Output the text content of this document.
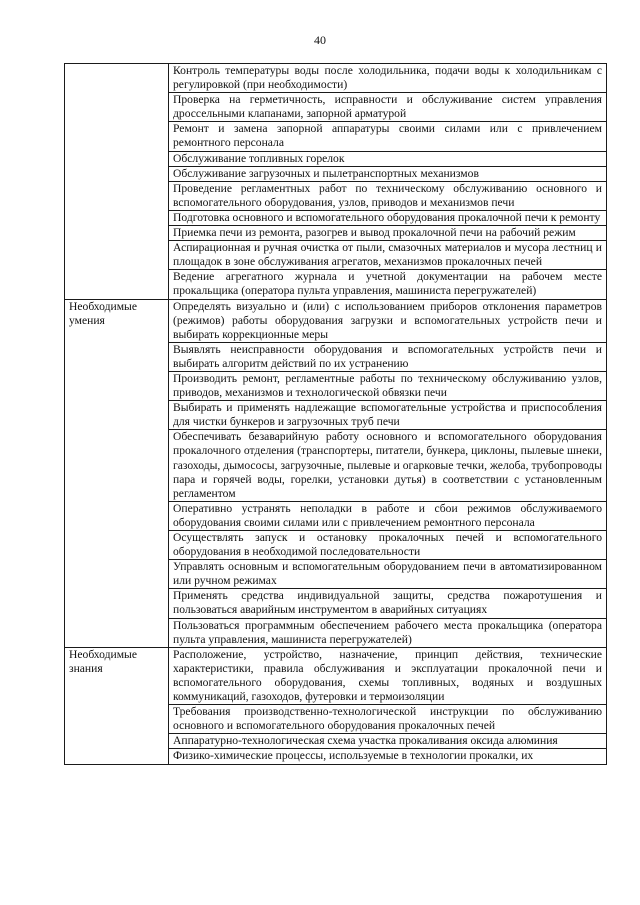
40
	Контроль температуры воды после холодильника, подачи воды к холодильникам с регулировкой (при необходимости)
	Проверка на герметичность, исправности и обслуживание систем управления дроссельными клапанами, запорной арматурой
	Ремонт и замена запорной аппаратуры своими силами или с привлечением ремонтного персонала
	Обслуживание топливных горелок
	Обслуживание загрузочных и пылетранспортных механизмов
	Проведение регламентных работ по техническому обслуживанию основного и вспомогательного оборудования, узлов, приводов и механизмов печи
	Подготовка основного и вспомогательного оборудования прокалочной печи к ремонту
	Приемка печи из ремонта, разогрев и вывод прокалочной печи на рабочий режим
	Аспирационная и ручная очистка от пыли, смазочных материалов и мусора лестниц и площадок в зоне обслуживания агрегатов, механизмов прокалочных печей
	Ведение агрегатного журнала и учетной документации на рабочем месте прокальщика (оператора пульта управления, машиниста перегружателей)
Необходимые умения	Определять визуально и (или) с использованием приборов отклонения параметров (режимов) работы оборудования загрузки и вспомогательных устройств печи и выбирать коррекционные меры
	Выявлять неисправности оборудования и вспомогательных устройств печи и выбирать алгоритм действий по их устранению
	Производить ремонт, регламентные работы по техническому обслуживанию узлов, приводов, механизмов и технологической обвязки печи
	Выбирать и применять надлежащие вспомогательные устройства и приспособления для чистки бункеров и загрузочных труб печи
	Обеспечивать безаварийную работу основного и вспомогательного оборудования прокалочного отделения (транспортеры, питатели, бункера, циклоны, пылевые шнеки, газоходы, дымососы, загрузочные, пылевые и огарковые течки, желоба, трубопроводы пара и горячей воды, горелки, установки дутья) в соответствии с установленным регламентом
	Оперативно устранять неполадки в работе и сбои режимов обслуживаемого оборудования своими силами или с привлечением ремонтного персонала
	Осуществлять запуск и остановку прокалочных печей и вспомогательного оборудования в необходимой последовательности
	Управлять основным и вспомогательным оборудованием печи в автоматизированном или ручном режимах
	Применять средства индивидуальной защиты, средства пожаротушения и пользоваться аварийным инструментом в аварийных ситуациях
	Пользоваться программным обеспечением рабочего места прокальщика (оператора пульта управления, машиниста перегружателей)
Необходимые знания	Расположение, устройство, назначение, принцип действия, технические характеристики, правила обслуживания и эксплуатации прокалочной печи и вспомогательного оборудования, схемы топливных, водяных и воздушных коммуникаций, газоходов, футеровки и термоизоляции
	Требования производственно-технологической инструкции по обслуживанию основного и вспомогательного оборудования прокалочных печей
	Аппаратурно-технологическая схема участка прокаливания оксида алюминия
	Физико-химические процессы, используемые в технологии прокалки, их
